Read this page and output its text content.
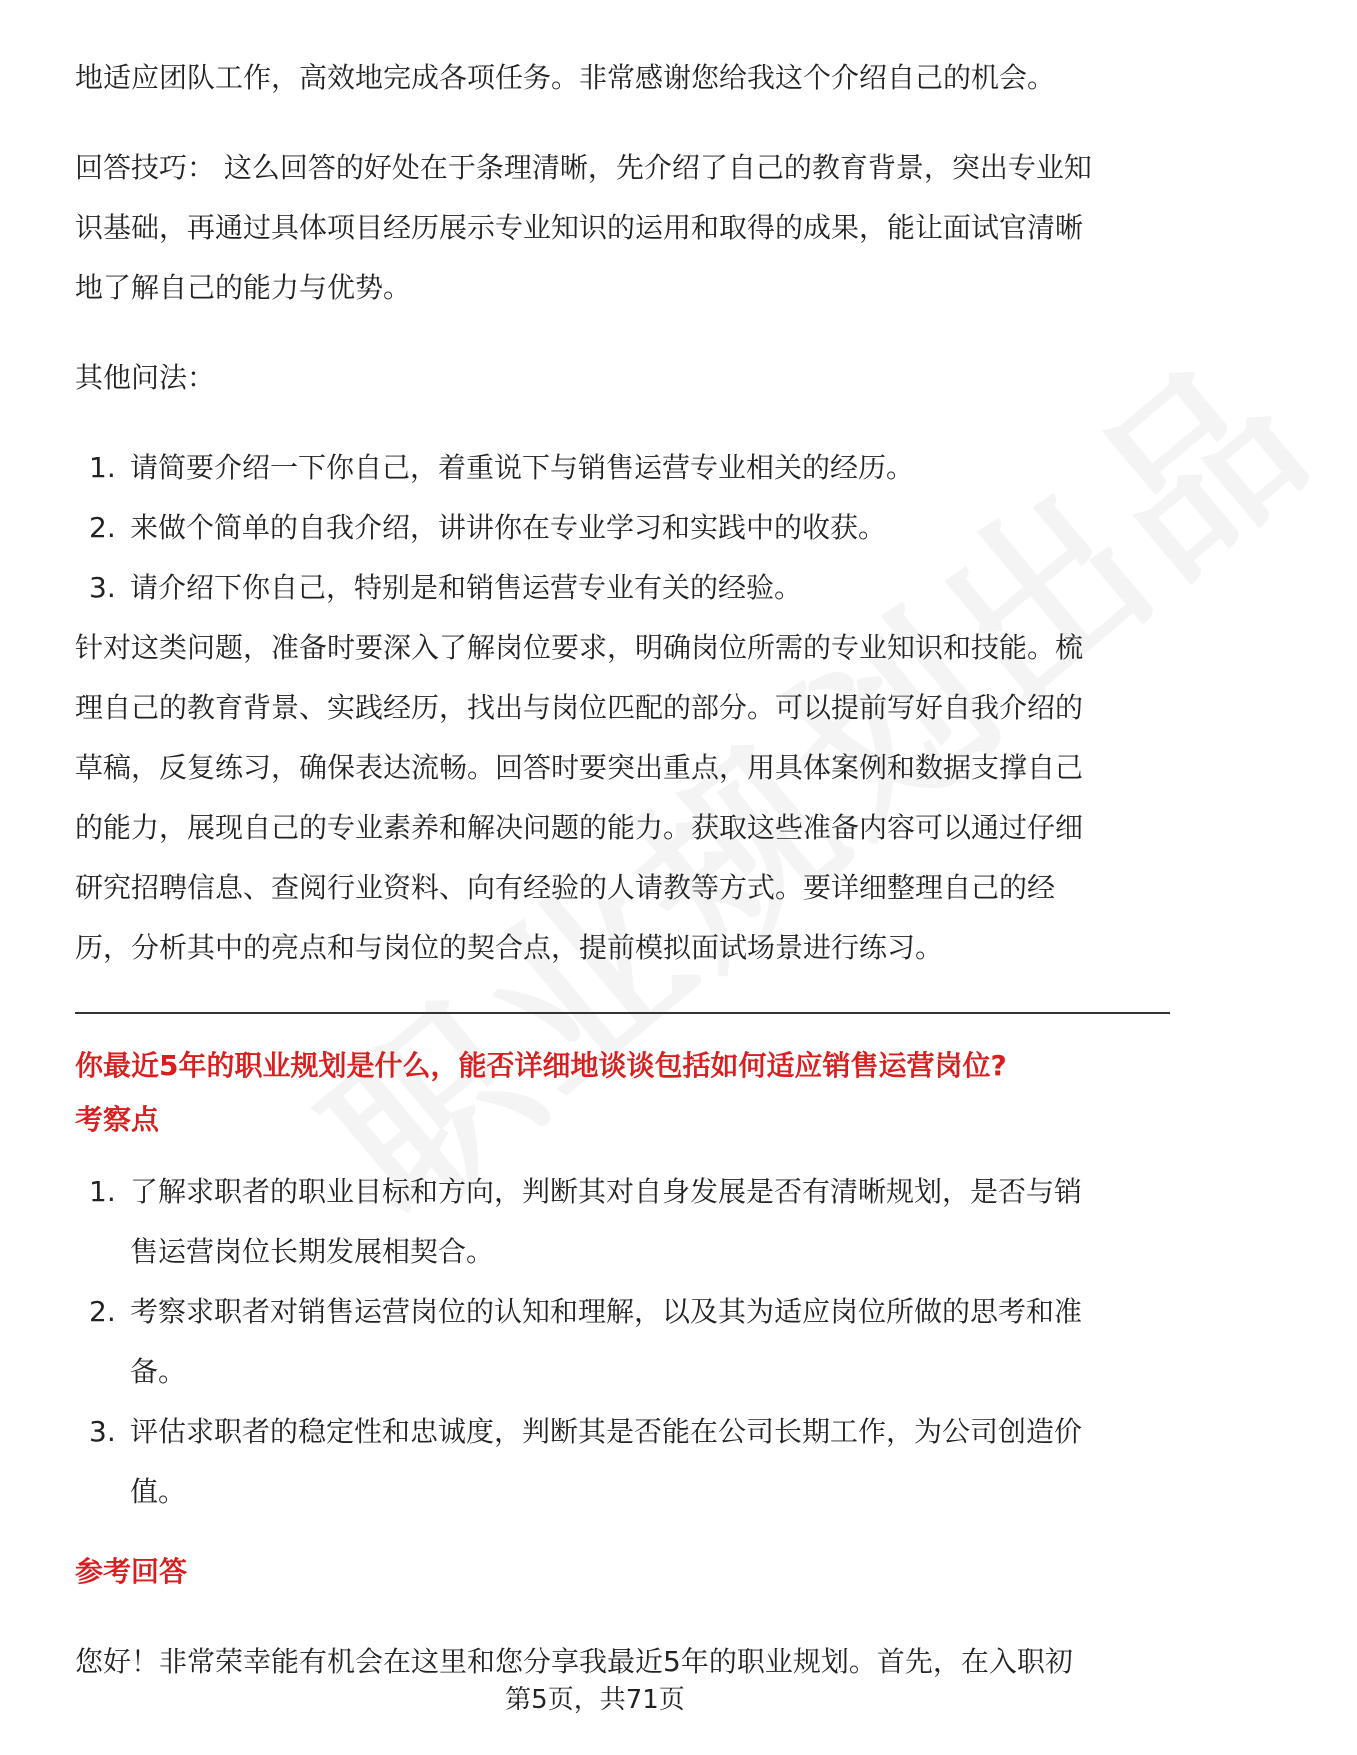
地适应团队工作，高效地完成各项任务。非常感谢您给我这个介绍自己的机会。

回答技巧： 这么回答的好处在于条理清晰，先介绍了自己的教育背景，突出专业知

识基础，再通过具体项目经历展示专业知识的运用和取得的成果，能让面试官清晰

地了解自己的能力与优势。

其他问法：

1. 请简要介绍一下你自己，着重说下与销售运营专业相关的经历。
2. 来做个简单的自我介绍，讲讲你在专业学习和实践中的收获。
3. 请介绍下你自己，特别是和销售运营专业有关的经验。

针对这类问题，准备时要深入了解岗位要求，明确岗位所需的专业知识和技能。梳

理自己的教育背景、实践经历，找出与岗位匹配的部分。可以提前写好自我介绍的

草稿，反复练习，确保表达流畅。回答时要突出重点，用具体案例和数据支撑自己

的能力，展现自己的专业素养和解决问题的能力。获取这些准备内容可以通过仔细

研究招聘信息、查阅行业资料、向有经验的人请教等方式。要详细整理自己的经

历，分析其中的亮点和与岗位的契合点，提前模拟面试场景进行练习。

你最近5年的职业规划是什么，能否详细地谈谈包括如何适应销售运营岗位?
考察点
1. 了解求职者的职业目标和方向，判断其对自身发展是否有清晰规划，是否与销
售运营岗位长期发展相契合。
2. 考察求职者对销售运营岗位的认知和理解，以及其为适应岗位所做的思考和准
备。
3. 评估求职者的稳定性和忠诚度，判断其是否能在公司长期工作，为公司创造价
值。
参考回答
您好！非常荣幸能有机会在这里和您分享我最近5年的职业规划。首先，在入职初
第5页，共71页
